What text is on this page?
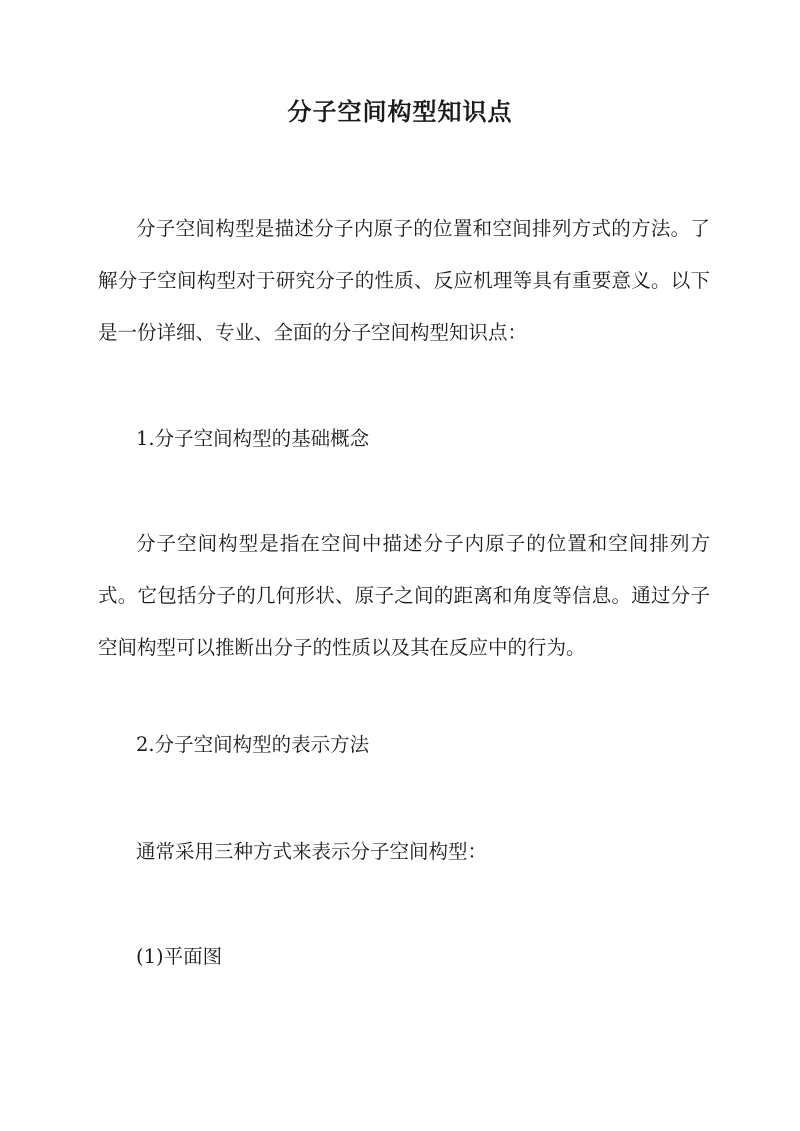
分子空间构型知识点

分子空间构型是描述分子内原子的位置和空间排列方式的方法。了解分子空间构型对于研究分子的性质、反应机理等具有重要意义。以下是一份详细、专业、全面的分子空间构型知识点：

1.分子空间构型的基础概念

分子空间构型是指在空间中描述分子内原子的位置和空间排列方式。它包括分子的几何形状、原子之间的距离和角度等信息。通过分子空间构型可以推断出分子的性质以及其在反应中的行为。

2.分子空间构型的表示方法

通常采用三种方式来表示分子空间构型：

(1)平面图
